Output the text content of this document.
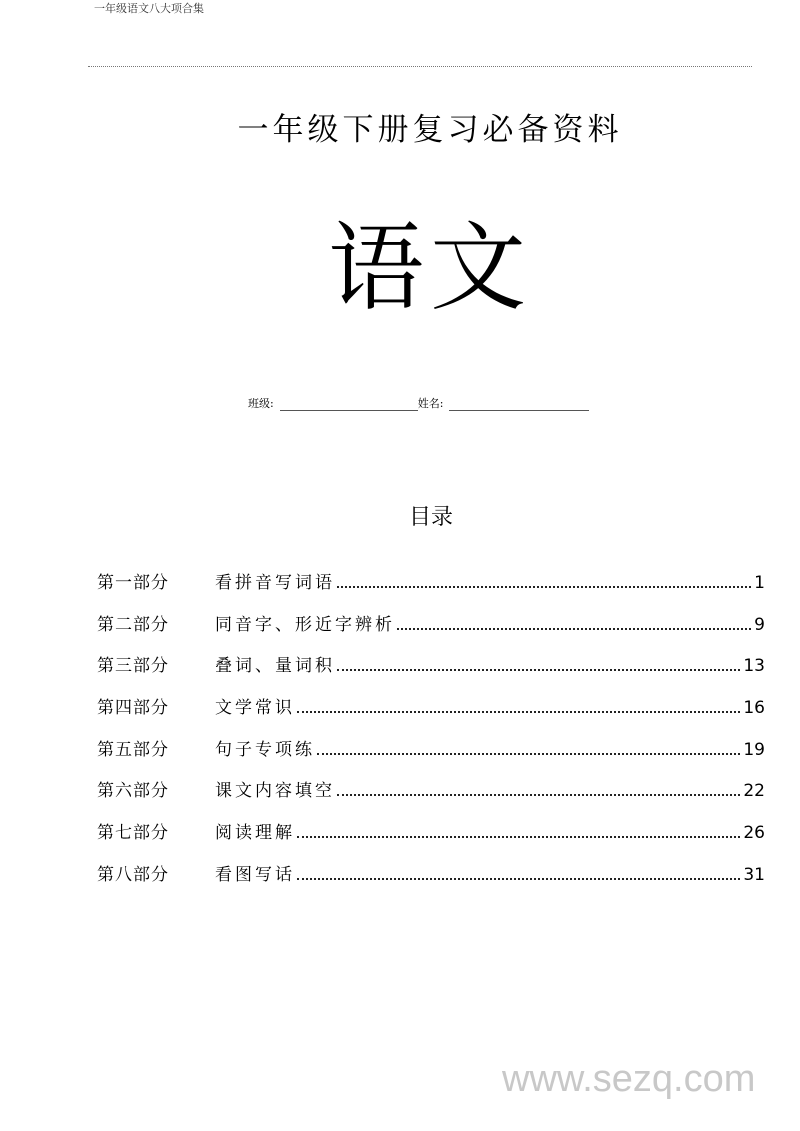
一年级语文八大项合集
一年级下册复习必备资料
语文
班级:	姓名:
目录
第一部分	看拼音写词语	1
第二部分	同音字、形近字辨析	9
第三部分	叠词、量词积	13
第四部分	文学常识	16
第五部分	句子专项练	19
第六部分	课文内容填空	22
第七部分	阅读理解	26
第八部分	看图写话	31
www.sezq.com
